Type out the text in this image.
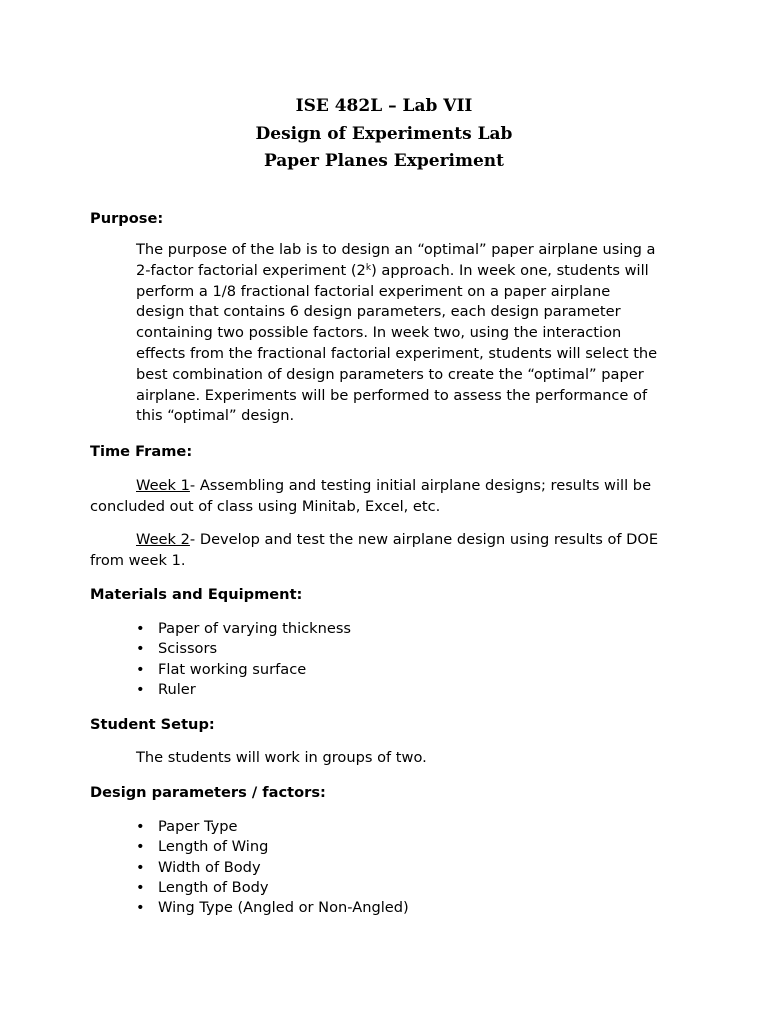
ISE 482L – Lab VII
Design of Experiments Lab
Paper Planes Experiment
Purpose:
The purpose of the lab is to design an “optimal” paper airplane using a
2-factor factorial experiment (2$^k$) approach. In week one, students will
perform a 1/8 fractional factorial experiment on a paper airplane
design that contains 6 design parameters, each design parameter
containing two possible factors. In week two, using the interaction
effects from the fractional factorial experiment, students will select the
best combination of design parameters to create the “optimal” paper
airplane. Experiments will be performed to assess the performance of
this “optimal” design.
Time Frame:
Week 1- Assembling and testing initial airplane designs; results will be concluded out of class using Minitab, Excel, etc.
Week 2- Develop and test the new airplane design using results of DOE from week 1.
Materials and Equipment:
• Paper of varying thickness
• Scissors
• Flat working surface
• Ruler
Student Setup:
The students will work in groups of two.
Design parameters / factors:
• Paper Type
• Length of Wing
• Width of Body
• Length of Body
• Wing Type (Angled or Non-Angled)
